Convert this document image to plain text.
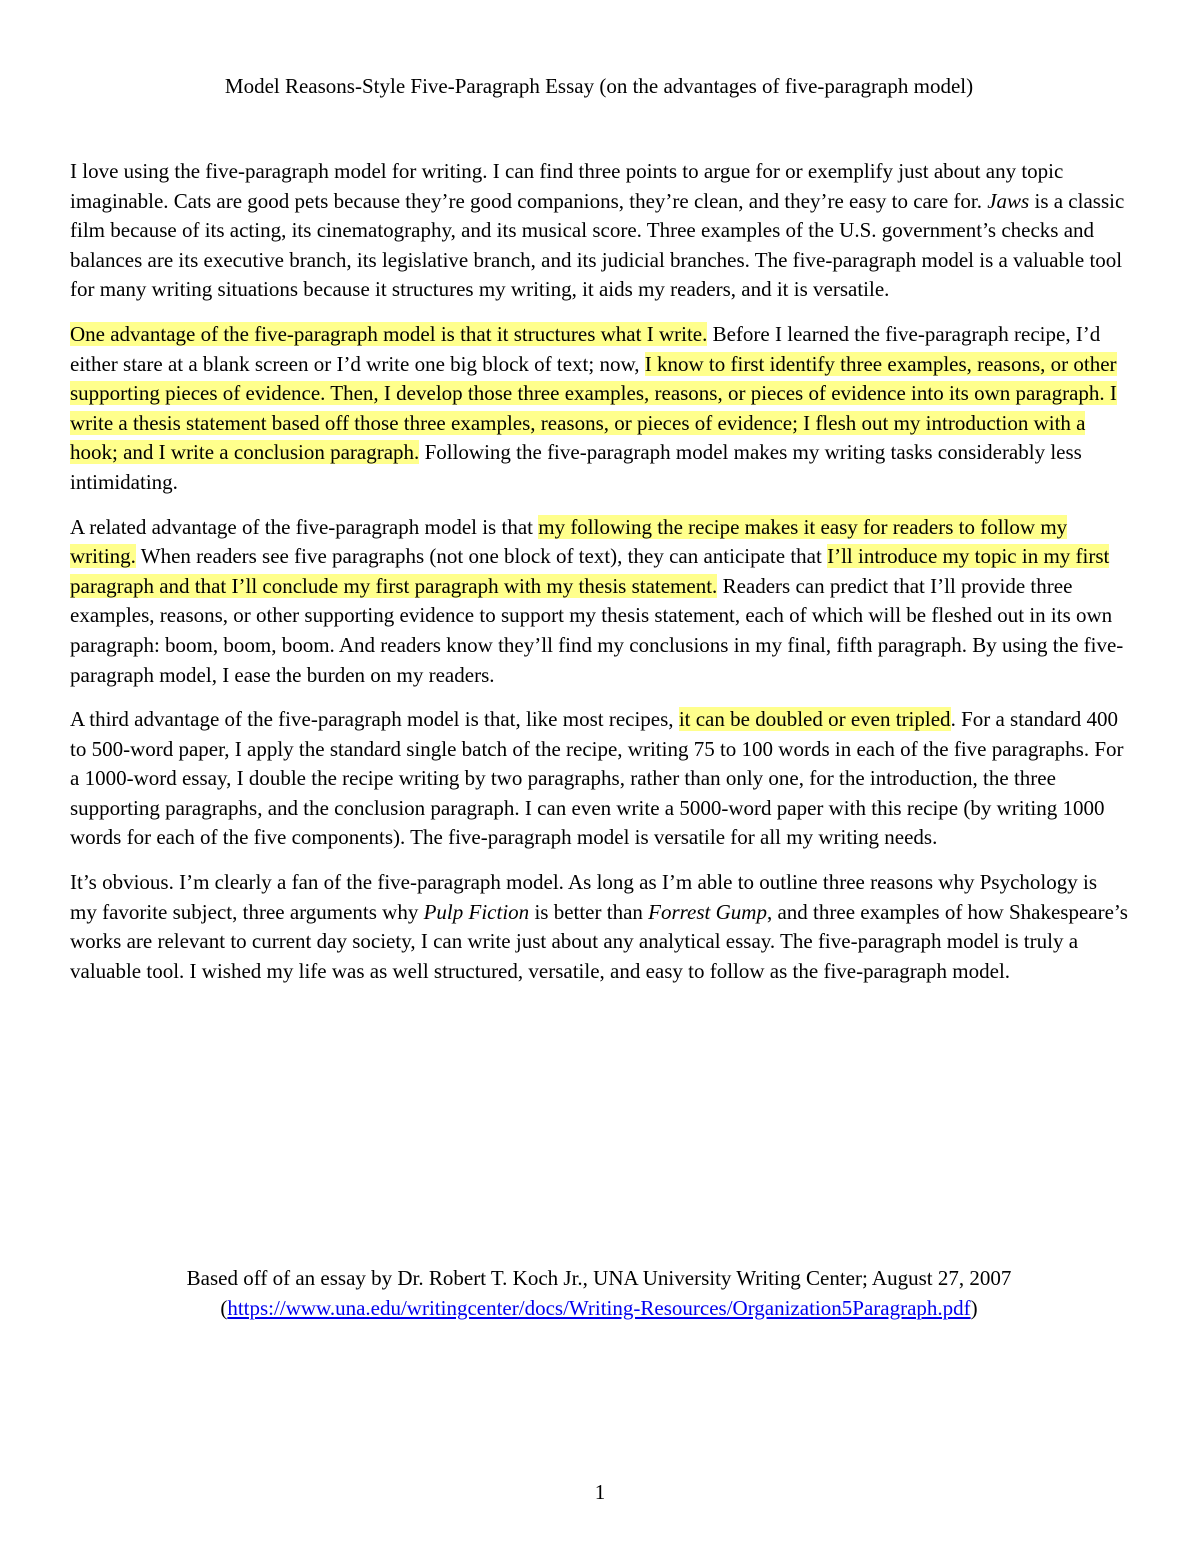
Model Reasons-Style Five-Paragraph Essay (on the advantages of five-paragraph model)

I love using the five-paragraph model for writing. I can find three points to argue for or exemplify just about any topic imaginable. Cats are good pets because they’re good companions, they’re clean, and they’re easy to care for. Jaws is a classic film because of its acting, its cinematography, and its musical score. Three examples of the U.S. government’s checks and balances are its executive branch, its legislative branch, and its judicial branches. The five-paragraph model is a valuable tool for many writing situations because it structures my writing, it aids my readers, and it is versatile.

One advantage of the five-paragraph model is that it structures what I write. Before I learned the five-paragraph recipe, I’d either stare at a blank screen or I’d write one big block of text; now, I know to first identify three examples, reasons, or other supporting pieces of evidence. Then, I develop those three examples, reasons, or pieces of evidence into its own paragraph. I write a thesis statement based off those three examples, reasons, or pieces of evidence; I flesh out my introduction with a hook; and I write a conclusion paragraph. Following the five-paragraph model makes my writing tasks considerably less intimidating.

A related advantage of the five-paragraph model is that my following the recipe makes it easy for readers to follow my writing. When readers see five paragraphs (not one block of text), they can anticipate that I’ll introduce my topic in my first paragraph and that I’ll conclude my first paragraph with my thesis statement. Readers can predict that I’ll provide three examples, reasons, or other supporting evidence to support my thesis statement, each of which will be fleshed out in its own paragraph: boom, boom, boom. And readers know they’ll find my conclusions in my final, fifth paragraph. By using the five-paragraph model, I ease the burden on my readers.

A third advantage of the five-paragraph model is that, like most recipes, it can be doubled or even tripled. For a standard 400 to 500-word paper, I apply the standard single batch of the recipe, writing 75 to 100 words in each of the five paragraphs. For a 1000-word essay, I double the recipe writing by two paragraphs, rather than only one, for the introduction, the three supporting paragraphs, and the conclusion paragraph. I can even write a 5000-word paper with this recipe (by writing 1000 words for each of the five components). The five-paragraph model is versatile for all my writing needs.

It’s obvious. I’m clearly a fan of the five-paragraph model. As long as I’m able to outline three reasons why Psychology is my favorite subject, three arguments why Pulp Fiction is better than Forrest Gump, and three examples of how Shakespeare’s works are relevant to current day society, I can write just about any analytical essay. The five-paragraph model is truly a valuable tool. I wished my life was as well structured, versatile, and easy to follow as the five-paragraph model.

Based off of an essay by Dr. Robert T. Koch Jr., UNA University Writing Center; August 27, 2007
(https://www.una.edu/writingcenter/docs/Writing-Resources/Organization5Paragraph.pdf)
1
